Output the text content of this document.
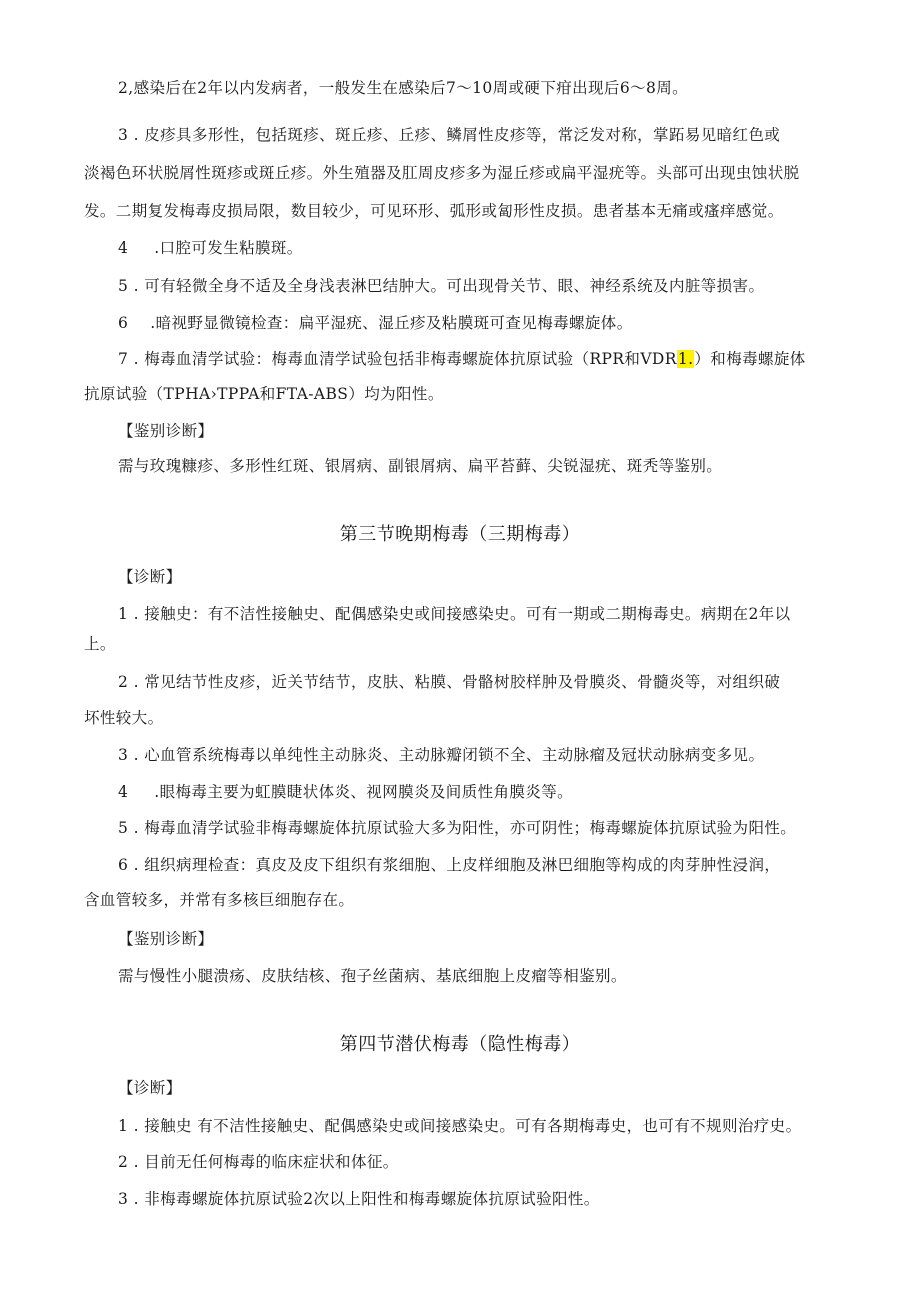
2,感染后在2年以内发病者，一般发生在感染后7～10周或硬下疳出现后6～8周。
3 . 皮疹具多形性，包括斑疹、斑丘疹、丘疹、鳞屑性皮疹等，常泛发对称，掌跖易见暗红色或
淡褐色环状脱屑性斑疹或斑丘疹。外生殖器及肛周皮疹多为湿丘疹或扁平湿疣等。头部可出现虫蚀状脱
发。二期复发梅毒皮损局限，数目较少，可见环形、弧形或匐形性皮损。患者基本无痛或瘙痒感觉。
4 .口腔可发生粘膜斑。
5 . 可有轻微全身不适及全身浅表淋巴结肿大。可出现骨关节、眼、神经系统及内脏等损害。
6 .暗视野显微镜检查：扁平湿疣、湿丘疹及粘膜斑可查见梅毒螺旋体。
7 . 梅毒血清学试验：梅毒血清学试验包括非梅毒螺旋体抗原试验（RPR和VDR1.）和梅毒螺旋体
抗原试验（TPHA›TPPA和FTA-ABS）均为阳性。
【鉴别诊断】
需与玫瑰糠疹、多形性红斑、银屑病、副银屑病、扁平苔藓、尖锐湿疣、斑秃等鉴别。
第三节晚期梅毒（三期梅毒）
【诊断】
1 . 接触史：有不洁性接触史、配偶感染史或间接感染史。可有一期或二期梅毒史。病期在2年以
上。
2 . 常见结节性皮疹，近关节结节，皮肤、粘膜、骨骼树胶样肿及骨膜炎、骨髓炎等，对组织破
坏性较大。
3 . 心血管系统梅毒以单纯性主动脉炎、主动脉瓣闭锁不全、主动脉瘤及冠状动脉病变多见。
4 .眼梅毒主要为虹膜睫状体炎、视网膜炎及间质性角膜炎等。
5 . 梅毒血清学试验非梅毒螺旋体抗原试验大多为阳性，亦可阴性；梅毒螺旋体抗原试验为阳性。
6 . 组织病理检查：真皮及皮下组织有浆细胞、上皮样细胞及淋巴细胞等构成的肉芽肿性浸润，
含血管较多，并常有多核巨细胞存在。
【鉴别诊断】
需与慢性小腿溃疡、皮肤结核、孢子丝菌病、基底细胞上皮瘤等相鉴别。
第四节潜伏梅毒（隐性梅毒）
【诊断】
1 . 接触史 有不洁性接触史、配偶感染史或间接感染史。可有各期梅毒史，也可有不规则治疗史。
2 . 目前无任何梅毒的临床症状和体征。
3 . 非梅毒螺旋体抗原试验2次以上阳性和梅毒螺旋体抗原试验阳性。
